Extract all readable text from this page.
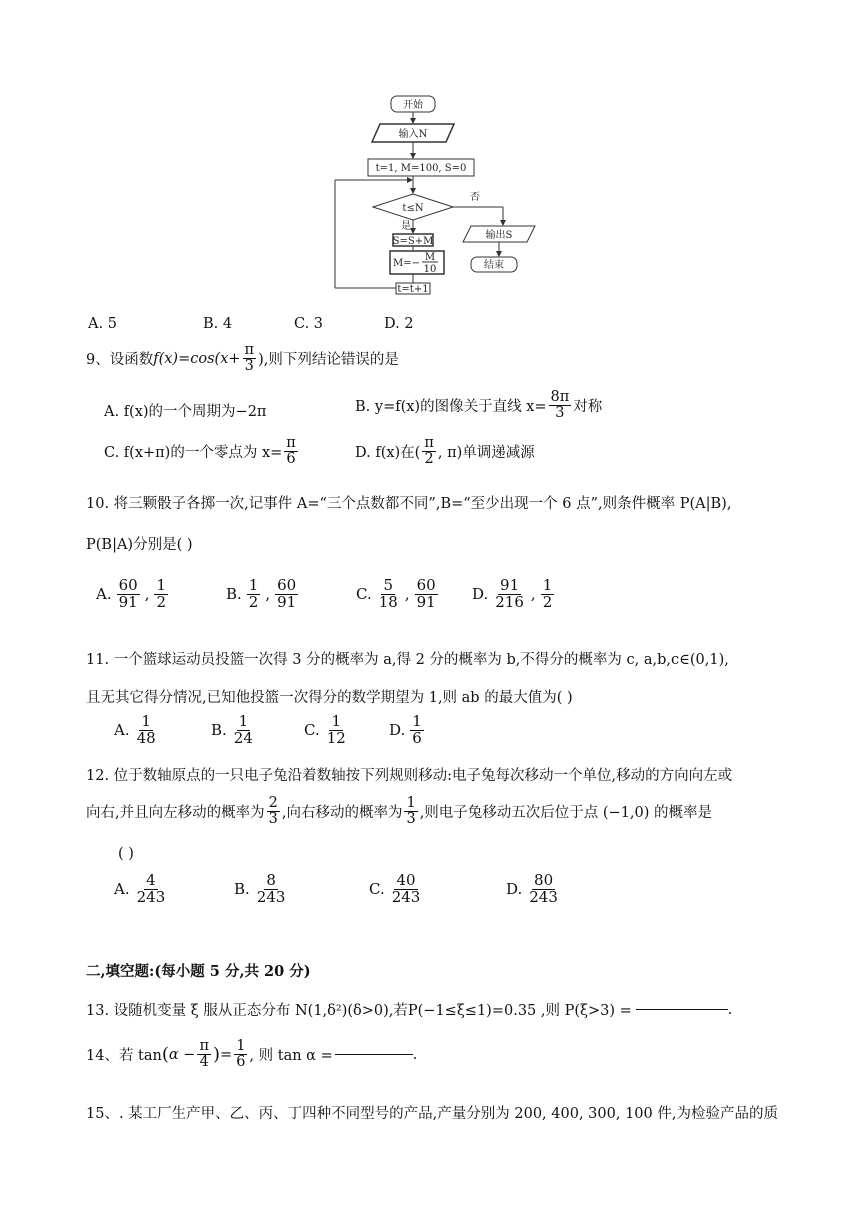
开始
输入N
t=1, M=100, S=0
t≤N
否
输出S
结束
是
S=S+M
M=−
M
10
t=t+1
A. 5	B. 4	C. 3	D. 2
9、设函数 $f(x)=\cos(x+ \frac{\pi}{3}$ ),则下列结论错误的是
A. f(x)的一个周期为−2π	B. y=f(x)的图像关于直线 $x= \frac{8\pi}{3}$ 对称
C. f(x+π)的一个零点为 $x= \frac{\pi}{6}$	D. f(x)在( $\frac{\pi}{2}$ , π)单调递减源
10. 将三颗骰子各掷一次,记事件 A=“三个点数都不同”,B=“至少出现一个 6 点”,则条件概率 P(A|B),
P(B|A)分别是( )
A. $\frac{60}{91}$ , $\frac{1}{2}$	B. $\frac{1}{2}$ , $\frac{60}{91}$	C. $\frac{5}{18}$ , $\frac{60}{91} D$. $\frac{91}{216}$ , $\frac{1}{2}$
11. 一个篮球运动员投篮一次得 3 分的概率为 a,得 2 分的概率为 b,不得分的概率为 c, a,b,c∈(0,1),
且无其它得分情况,已知他投篮一次得分的数学期望为 1,则 ab 的最大值为( )
A. $\frac{1}{48}$	B. $\frac{1}{24}$	C. $\frac{1}{12}$	D. $\frac{1}{6}$
12. 位于数轴原点的一只电子兔沿着数轴按下列规则移动:电子兔每次移动一个单位,移动的方向向左或
向右,并且向左移动的概率为 $\frac{2}{3}$ ,向右移动的概率为 $\frac{1}{3}$ ,则电子兔移动五次后位于点 (−1,0) 的概率是
( )
A. $\frac{4}{243}$	B. $\frac{8}{243}$	C. $\frac{40}{243}$	D. $\frac{80}{243}$
二,填空题:(每小题 5 分,共 20 分)
13. 设随机变量 ξ 服从正态分布 N(1,δ²)(δ>0),若P(−1≤ξ≤1)=0.35 ,则 P(ξ>3) =	.
14、若 tan ( $\alpha - \frac{\pi}{4}$ ) = $\frac{1}{6}$ , 则 tan α =	.
15、. 某工厂生产甲、乙、丙、丁四种不同型号的产品,产量分别为 200, 400, 300, 100 件,为检验产品的质
